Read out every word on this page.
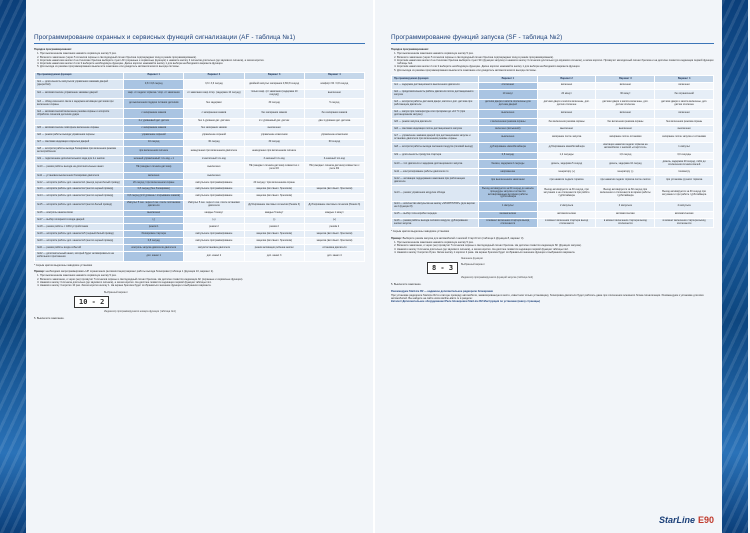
Программирование охранных и сервисных функций сигнализации (AF - таблица №1)
Порядок программирования:
1. При выключенном зажигании нажмите сервисную кнопку 5 раз.
2. Включите зажигание (через 5 сигналов сирены и светодиодный сигнал брелока подтверждают вход в режим программирования).
3. Коротким нажатием кнопки 2 на 3 кнопках брелока выберите пункт AF (охранные и сервисные функции) и нажмите кнопку 3 сигналов длительно (до звукового сигнала), а затем коротко.
4. Коротким нажатием кнопки 2 или 3 выберите необходимую функцию. Далее коротко нажимайте кнопку 1 для выбора необходимого варианта функции.
5. Для выхода из режима программирования выключите зажигание или дождитесь автоматического выхода системы.
Программируемая функция	Вариант 1	Вариант 2	Вариант 3	Вариант 4
№1 — длительность импульсов управления замками дверей (двери/2ой)	0,8 / 0,8 секунд	3,6 / 3,6 секунд	двойной импульс запирания 0,8/0,8 секунд	комфорт 60 / 0,8 секунд
№2 — автоматическое управление замками дверей	закр. от педали тормоза / откр. от зажигания	от зажигания закр./откр. (задержка 10 секунд)	только закр. (от зажигания (задержка 10 секунд))	выключено
№3 — обход окончного света и задержка активации датчиков при включении охраны	до выключения поддачи питания датчиков	без задержки	30 секунд	5 секунд
№4 — автоматический включение режима охраны и алгоритм обработки сигналов датчиков удара	с запиранием замков	с запиранием замков	без запирания замков	без запирания замков
	2-х уровневый дат. датчик	без 1-уровнем дат. датчика	2-х уровневый дат. датчик	два 1-уровнем дат. датчика
№5 — автоматическое повторное включение охраны	с запиранием замков	без запирания замков	выключено	
№6 — режим работы выхода управления сирены	управление сиреной	управление сиреной	управление клаксоном	управление клаксоном
№7 — световая индикация открытых дверей	10 секунд	30 секунд	30 секунд	60 секунд
№8 — алгоритм работы выхода блокировки при включении режима антиограбления	при включенном сигнале	немедленно при включенном двигателе	немедленно при включенном сигнале	
№9 — подключение дополнительного кода для 2-х кнопок	зеленый управляемый: точ-код + 1	2-кнопочный точ-код	3-значный точ-код	3-значный точ-код
№10 — режим работы выхода на дополнительные канал	НЕ (ожидает сигнала датчика)	выключено	НЕ (ожидает сигнала датчика) совместно с реле R2	НЕ (ожидает сигнала датчика) совместно с реле R2
№11 — установка выключения блокировки двигателя	включено	выключено		
№12 — алгоритм работы доп. канала №1 (выход черно-белый провод)	20 секунд / при включенном охране	импульсное программирование	20 секунд / при включенном охране	
№13 — алгоритм работы доп. канала №2 (желто-черный провод)	0,8 секунд (без блокировки)	импульсное программирование	защелка (вкл./выкл. брелоком)	защелка (вкл./выкл. брелоком)
№14 — алгоритм работы доп. канала №2 (желто-черный провод)	0,8 секунд (2-й уровень / открывание замков)	импульсное программирование	защелка (вкл./выкл. брелоком)	
№15 — алгоритм работы доп. канала №3 (желто-белый провод)	Импульс 5 сек. через 2 сек. после постановки двигателя	Импульс 5 сек. через 1 сек. после остановки двигателя	Дублирование световых сигналов (Режим 3)	Дублирование световых сигналов (Режим 3)
№16 — контроль канала связи	выключено	каждые 5 минут	каждые 5 минут	каждые 1 минут
№17 — выбор полярности входа дверей	(-)	(+)	(-)	(+)
№18 — режим работы с GSM устройствами	режим 1	режим 2	режим 2	режим 2
№19 — алгоритм работы доп. канала №5 (черный-белый провод)	блокировка стартера	импульсное программирование	защелка (вкл./выкл. брелоком)	защелка (вкл./выкл. брелоком)
№20 — алгоритм работы доп. канала №6 (желто-черный провод)	0,8 секунд	импульсное программирование	защелка (вкл./выкл. брелоком)	защелка (вкл./выкл. брелоком)
№21 — режим работы входа событий	контроль запуска двигателя двигателя	запуск/остановка двигателя	режим активации ребенка кнопки	остановка двигателя
№22 — дополнительный канал, который будет активироваться на мобильного приложения	доп. канал 1	доп. канал 2	доп. канал 3	доп. канал 4
* Серым цветом выделены заводские установки
Пример: необходимо запрограммировать НР ограничения (антимигитация) вариант работы выхода блокировки (таблица 1 (функция 10, вариант 2).
1. При выключенном зажигании нажмите сервисную кнопку 5 раз.
2. Включите зажигание, и через (не) прозвучит 5 сигналов сирены и светодиодный сигнал брелока. На дисплее появится индикация AF (охранные и сервисные функции).
3. Нажмите кнопку 3 сигнала длительно (до звукового сигнала), а затем коротко. На дисплее появится индикация первой функции таблицы №1.
4. Нажмите кнопку 3 коротко 10 раз. Затем коротко кнопку 1. На экране брелока будет отображаться значение функции и выбранного варианта.
Выбранный вариант
10 - 2
Индикатор программируемого номера функции (таблица №1)
5. Выключите зажигание.
Программирование функций запуска (SF - таблица №2)
Порядок программирования:
1. При выключенном зажигании нажмите сервисную кнопку 5 раз.
2. Включите зажигание (через 5 сигналов сирены и светодиодный сигнал брелока подтверждают вход в режим программирования).
3. Коротким нажатием кнопки 2 на 3 кнопках брелока выберите пункт SF (функции запуска) и нажмите кнопку 3 сигналов длительно (до звукового сигнала), а затем коротко. Прозвучит мелодичный сигнал брелока и на дисплее появится индикация первой функции таблицы №2.
4. Коротким нажатием кнопки 2 или 3 выберите необходимую функцию. Далее коротко нажимайте кнопку 1 для выбора необходимого варианта функции.
5. Для выхода из режима программирования выключите зажигание или дождитесь автоматического выхода системы.
Программируемая функция	Вариант 1	Вариант 2	Вариант 3	Вариант 4
№1 — задержка дистанционного выключения двигателя	отключено	включено	включено	включено
№2 — продолжительность работы двигателя после дистанционного запуска	10 минут	20 минут	30 минут	без ограничений
№3 — алгоритм работы датчиков двери, капота и доп. датчика при работающем двигателе	датчики двери и капота отключены для датчика дверей	датчики двери и капота включены, доп. датчик отключен	датчики двери и капота включены, доп. датчик отключен	датчики двери и капота включены, доп. датчик отключен
№4 — запуск при температуре или при время до +10 °С (при дистанционном запуске)	выключено	включено	включено	включено
№5 — режим запуска двигателя	с включением режима охраны	без включения режима охраны	без включения режима охраны	без включения режима охраны
№6 — световая индикация после дистанционного запуска	включено (вспышкой)	выключено	выключено	выключено
№7 — управление замками дверей при дистанционном запуске и остановке двигателя при включенном режиме охраны	выключено	запирание после запуска	запирание после остановки	запирание после запуска и остановки
№8 — алгоритм работы выхода салонного модуля (силовой выход)	дублирование иммобилайзера	дублирование иммобилайзера	имитация нажатия педали тормоза на автомобилях с кнопкой «старт/стоп»	1 импульс
№9 — длительность прокрутки стартера	0,8 секунд	1,2 секунды	1,6 секунд	3,0 секунды
№10 — тип двигателя и задержка дистанционного запуска	бензин, задержка 2 секунды	дизель, задержка 5 секунд	дизель, задержка 10 секунд	дизель, задержка 20 секунд, либо до отключения сигнала свечей
№11 — контролирование работы двигателя по	напряжению	генератору (+)	генератору (-)	тахометру
№12 — активация поддержания зажигания при работающем двигателе	при выключенном зажигании	при нажатии педали тормоза	при нажатии педали тормоза после снятия	при установке ручного тормоза
№13 — режим управления модулем обхода	Выход активируется за 60 секунд до начала процедуры запуска и остается активированным во время работы турботаймера	Выход активируется за 30 секунд, при затухании и не отключается при работе турботаймера	Выход активируется за 60 секунд при включении и отключается во время работы турботаймера	Выход активируется за 30 секунд при затухании и при работе турботаймера
№14 — количество импульсов на кнопку «START/STOP» (для версии на 2 функции 8)	1 импульс	2 импульса	3 импульса	4 импульса
№15 — выбор типа коробки передач	механическая	автоматическая	автоматическая	автоматическая
№16 — режим работы выхода силового модуля, дублирования кнопки запуска	в момент включения стартера выход отключается	в момент включения стартера выход отключается	в момент включения стартера выход отключается	в момент включения стартера выход отключается
* Серым цветом выделены заводские установки
Пример: Выберите режим запуска для автомобилей с кнопкой Старт/Стоп (таблица 2 (функция 8, вариант 3).
1. При выключенном зажигании нажмите сервисную кнопку 5 раз.
2. Включите зажигание, и через (не) прозвучит 5 сигналов сирены и светодиодный сигнал брелока. На дисплее появится индикация SF (функции запуска).
3. Нажмите кнопку 3 сигнала длительно (до звукового сигнала), а затем коротко. На дисплее появится индикация первой функции таблицы №2.
4. Нажмите кнопку 3 коротко 8 раз. Затем кнопку 1 коротко 2 раза. На экране брелока будет отображаться значение функции и выбранного варианта.
Значение функции
Выбранный вариант
8 - 3
Индикатор программируемого функций запуска (таблица №2)
5. Выключите зажигание.
Рекомендуем StarLine R2 — надежное дополнительное радиореле блокировки
При установке радиореле StarLine R2 в штатную проводку автомобиля, замаскированную в месте, известном только установщику, блокировка двигателя будет работать даже при отключении основного блока сигнализации. Рекомендуем к установке для всех автомобилей. Вы найдете на сайте www.starline-alarm.ru в разделе:
Каталог>Дополнительное оборудование>Реле блокировки StarLine R2>Инструкция по установке (внизу страницы)
StarLine E90
